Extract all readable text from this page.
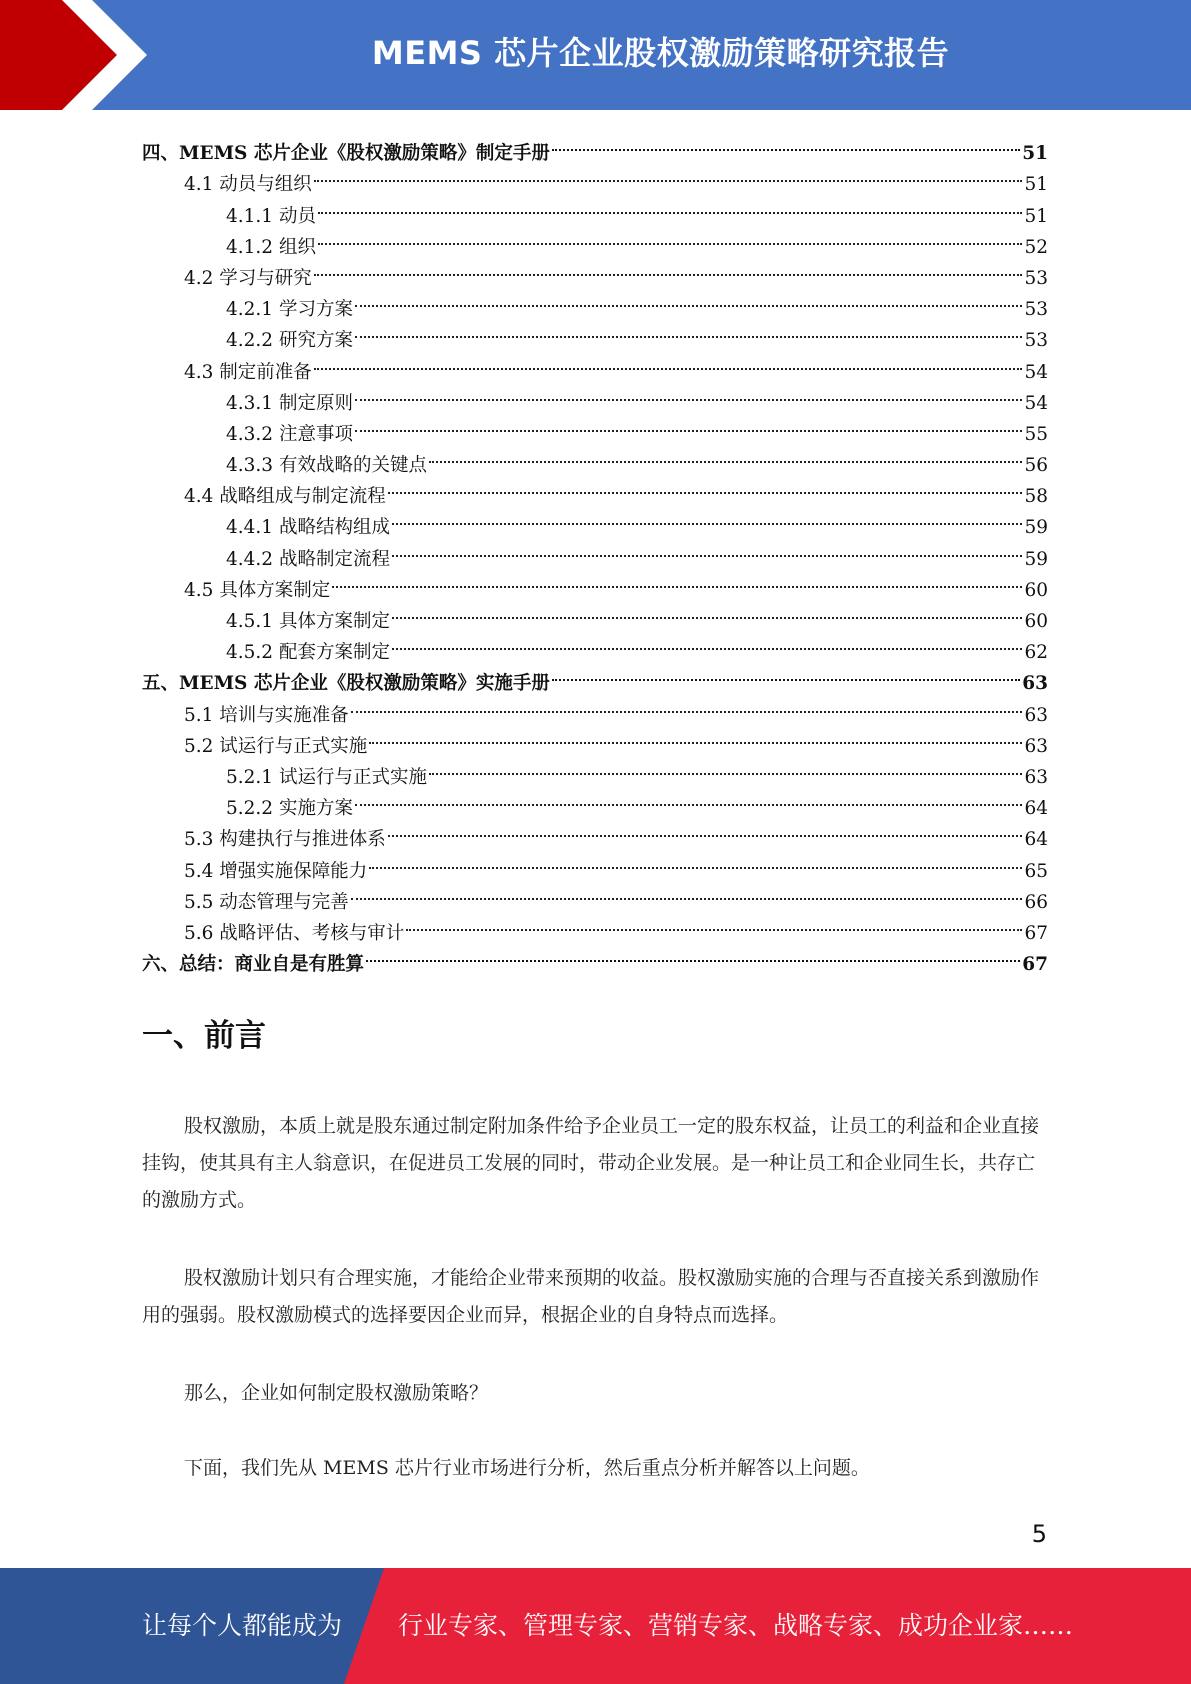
MEMS 芯片企业股权激励策略研究报告
四、MEMS 芯片企业《股权激励策略》制定手册	51
4.1 动员与组织	51
4.1.1 动员	51
4.1.2 组织	52
4.2 学习与研究	53
4.2.1 学习方案	53
4.2.2 研究方案	53
4.3 制定前准备	54
4.3.1 制定原则	54
4.3.2 注意事项	55
4.3.3 有效战略的关键点	56
4.4 战略组成与制定流程	58
4.4.1 战略结构组成	59
4.4.2 战略制定流程	59
4.5 具体方案制定	60
4.5.1 具体方案制定	60
4.5.2 配套方案制定	62
五、MEMS 芯片企业《股权激励策略》实施手册	63
5.1 培训与实施准备	63
5.2 试运行与正式实施	63
5.2.1 试运行与正式实施	63
5.2.2 实施方案	64
5.3 构建执行与推进体系	64
5.4 增强实施保障能力	65
5.5 动态管理与完善	66
5.6 战略评估、考核与审计	67
六、总结：商业自是有胜算	67
一、前言

股权激励，本质上就是股东通过制定附加条件给予企业员工一定的股东权益，让员工的利益和企业直接挂钩，使其具有主人翁意识，在促进员工发展的同时，带动企业发展。是一种让员工和企业同生长，共存亡的激励方式。

股权激励计划只有合理实施，才能给企业带来预期的收益。股权激励实施的合理与否直接关系到激励作用的强弱。股权激励模式的选择要因企业而异，根据企业的自身特点而选择。

那么，企业如何制定股权激励策略？

下面，我们先从 MEMS 芯片行业市场进行分析，然后重点分析并解答以上问题。

5
让每个人都能成为 行业专家、管理专家、营销专家、战略专家、成功企业家……
